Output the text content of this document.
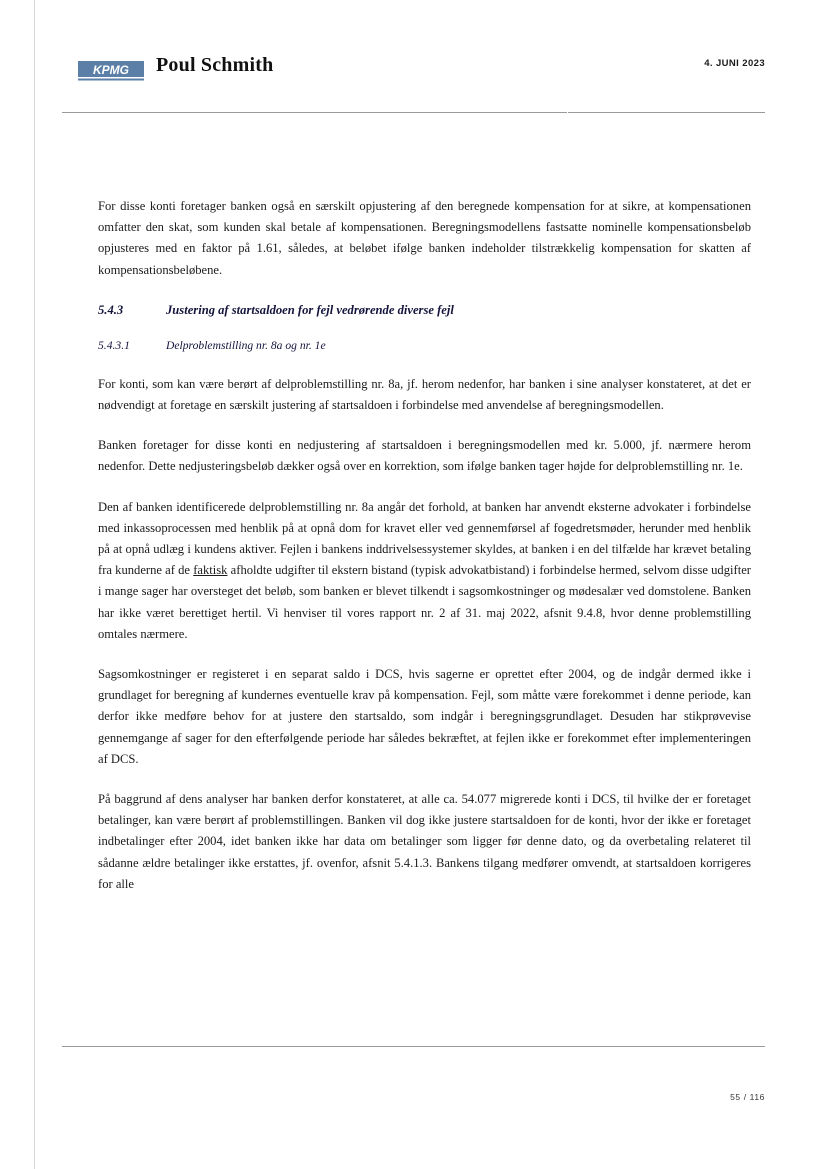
KPMG Poul Schmith	4. JUNI 2023

For disse konti foretager banken også en særskilt opjustering af den beregnede kompensation for at sikre, at kompensationen omfatter den skat, som kunden skal betale af kompensationen. Beregningsmodellens fastsatte nominelle kompensationsbeløb opjusteres med en faktor på 1.61, således, at beløbet ifølge banken indeholder tilstrækkelig kompensation for skatten af kompensationsbeløbene.

5.4.3	Justering af startsaldoen for fejl vedrørende diverse fejl
5.4.3.1	Delproblemstilling nr. 8a og nr. 1e

For konti, som kan være berørt af delproblemstilling nr. 8a, jf. herom nedenfor, har banken i sine analyser konstateret, at det er nødvendigt at foretage en særskilt justering af startsaldoen i forbindelse med anvendelse af beregningsmodellen.

Banken foretager for disse konti en nedjustering af startsaldoen i beregningsmodellen med kr. 5.000, jf. nærmere herom nedenfor. Dette nedjusteringsbeløb dækker også over en korrektion, som ifølge banken tager højde for delproblemstilling nr. 1e.

Den af banken identificerede delproblemstilling nr. 8a angår det forhold, at banken har anvendt eksterne advokater i forbindelse med inkassoprocessen med henblik på at opnå dom for kravet eller ved gennemførsel af fogedretsmøder, herunder med henblik på at opnå udlæg i kundens aktiver. Fejlen i bankens inddrivelsessystemer skyldes, at banken i en del tilfælde har krævet betaling fra kunderne af de faktisk afholdte udgifter til ekstern bistand (typisk advokatbistand) i forbindelse hermed, selvom disse udgifter i mange sager har oversteget det beløb, som banken er blevet tilkendt i sagsomkostninger og mødesalær ved domstolene. Banken har ikke været berettiget hertil. Vi henviser til vores rapport nr. 2 af 31. maj 2022, afsnit 9.4.8, hvor denne problemstilling omtales nærmere.

Sagsomkostninger er registeret i en separat saldo i DCS, hvis sagerne er oprettet efter 2004, og de indgår dermed ikke i grundlaget for beregning af kundernes eventuelle krav på kompensation. Fejl, som måtte være forekommet i denne periode, kan derfor ikke medføre behov for at justere den startsaldo, som indgår i beregningsgrundlaget. Desuden har stikprøvevise gennemgange af sager for den efterfølgende periode har således bekræftet, at fejlen ikke er forekommet efter implementeringen af DCS.

På baggrund af dens analyser har banken derfor konstateret, at alle ca. 54.077 migrerede konti i DCS, til hvilke der er foretaget betalinger, kan være berørt af problemstillingen. Banken vil dog ikke justere startsaldoen for de konti, hvor der ikke er foretaget indbetalinger efter 2004, idet banken ikke har data om betalinger som ligger før denne dato, og da overbetaling relateret til sådanne ældre betalinger ikke erstattes, jf. ovenfor, afsnit 5.4.1.3. Bankens tilgang medfører omvendt, at startsaldoen korrigeres for alle

55 / 116
